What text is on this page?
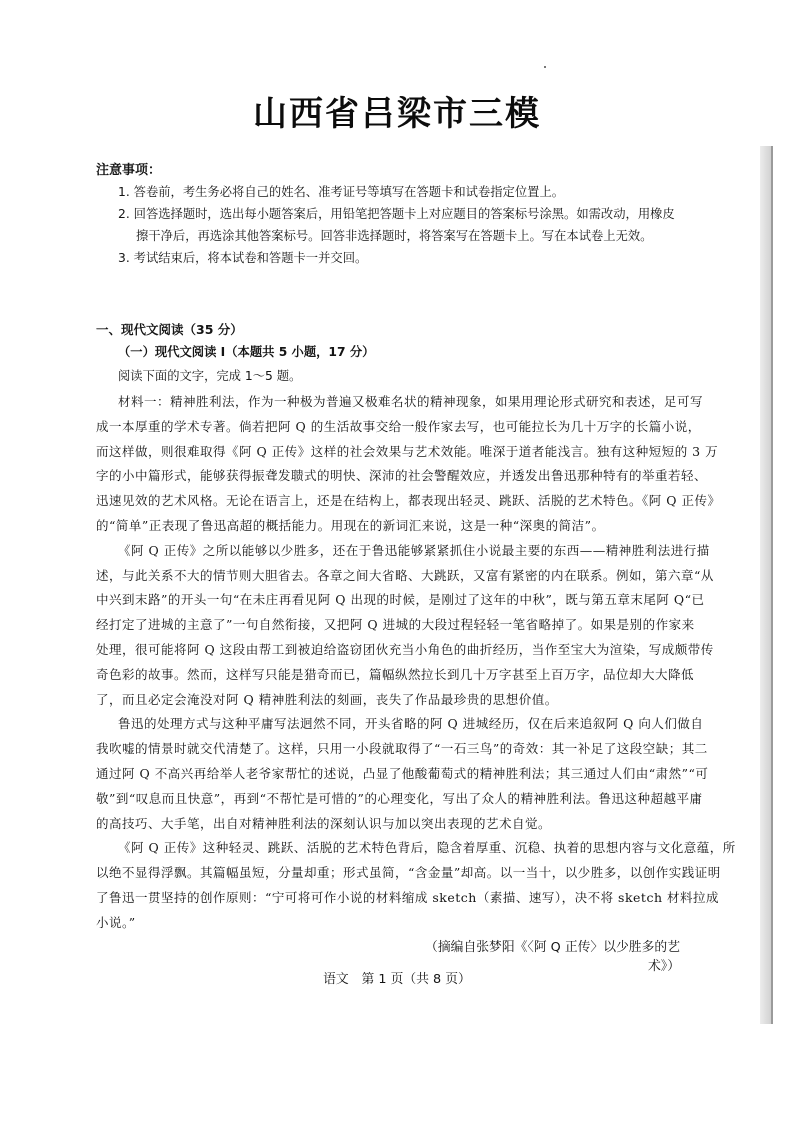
山西省吕梁市三模
注意事项：
1. 答卷前，考生务必将自己的姓名、准考证号等填写在答题卡和试卷指定位置上。
2. 回答选择题时，选出每小题答案后，用铅笔把答题卡上对应题目的答案标号涂黑。如需改动，用橡皮
擦干净后，再选涂其他答案标号。回答非选择题时，将答案写在答题卡上。写在本试卷上无效。
3. 考试结束后，将本试卷和答题卡一并交回。
一、现代文阅读（35 分）
（一）现代文阅读 Ⅰ（本题共 5 小题，17 分）
阅读下面的文字，完成 1～5 题。
材料一：精神胜利法，作为一种极为普遍又极难名状的精神现象，如果用理论形式研究和表述，足可写
成一本厚重的学术专著。倘若把阿 Q 的生活故事交给一般作家去写，也可能拉长为几十万字的长篇小说，
而这样做，则很难取得《阿 Q 正传》这样的社会效果与艺术效能。唯深于道者能浅言。独有这种短短的 3 万
字的小中篇形式，能够获得振聋发聩式的明快、深沛的社会警醒效应，并透发出鲁迅那种特有的举重若轻、
迅速见效的艺术风格。无论在语言上，还是在结构上，都表现出轻灵、跳跃、活脱的艺术特色。《阿 Q 正传》
的“简单”正表现了鲁迅高超的概括能力。用现在的新词汇来说，这是一种“深奥的简洁”。
《阿 Q 正传》之所以能够以少胜多，还在于鲁迅能够紧紧抓住小说最主要的东西——精神胜利法进行描
述，与此关系不大的情节则大胆省去。各章之间大省略、大跳跃，又富有紧密的内在联系。例如，第六章“从
中兴到末路”的开头一句“在未庄再看见阿 Q 出现的时候，是刚过了这年的中秋”，既与第五章末尾阿 Q“已
经打定了进城的主意了”一句自然衔接，又把阿 Q 进城的大段过程轻轻一笔省略掉了。如果是别的作家来
处理，很可能将阿 Q 这段由帮工到被迫给盗窃团伙充当小角色的曲折经历，当作至宝大为渲染，写成颇带传
奇色彩的故事。然而，这样写只能是猎奇而已，篇幅纵然拉长到几十万字甚至上百万字，品位却大大降低
了，而且必定会淹没对阿 Q 精神胜利法的刻画，丧失了作品最珍贵的思想价值。
鲁迅的处理方式与这种平庸写法迥然不同，开头省略的阿 Q 进城经历，仅在后来追叙阿 Q 向人们做自
我吹嘘的情景时就交代清楚了。这样，只用一小段就取得了“一石三鸟”的奇效：其一补足了这段空缺；其二
通过阿 Q 不高兴再给举人老爷家帮忙的述说，凸显了他酸葡萄式的精神胜利法；其三通过人们由“肃然”“可
敬”到“叹息而且快意”，再到“不帮忙是可惜的”的心理变化，写出了众人的精神胜利法。鲁迅这种超越平庸
的高技巧、大手笔，出自对精神胜利法的深刻认识与加以突出表现的艺术自觉。
《阿 Q 正传》这种轻灵、跳跃、活脱的艺术特色背后，隐含着厚重、沉稳、执着的思想内容与文化意蕴，所
以绝不显得浮飘。其篇幅虽短，分量却重；形式虽简，“含金量”却高。以一当十，以少胜多，以创作实践证明
了鲁迅一贯坚持的创作原则：“宁可将可作小说的材料缩成 sketch（素描、速写），决不将 sketch 材料拉成
小说。”
（摘编自张梦阳《〈阿 Q 正传〉以少胜多的艺术》）
语文　第 1 页（共 8 页）
